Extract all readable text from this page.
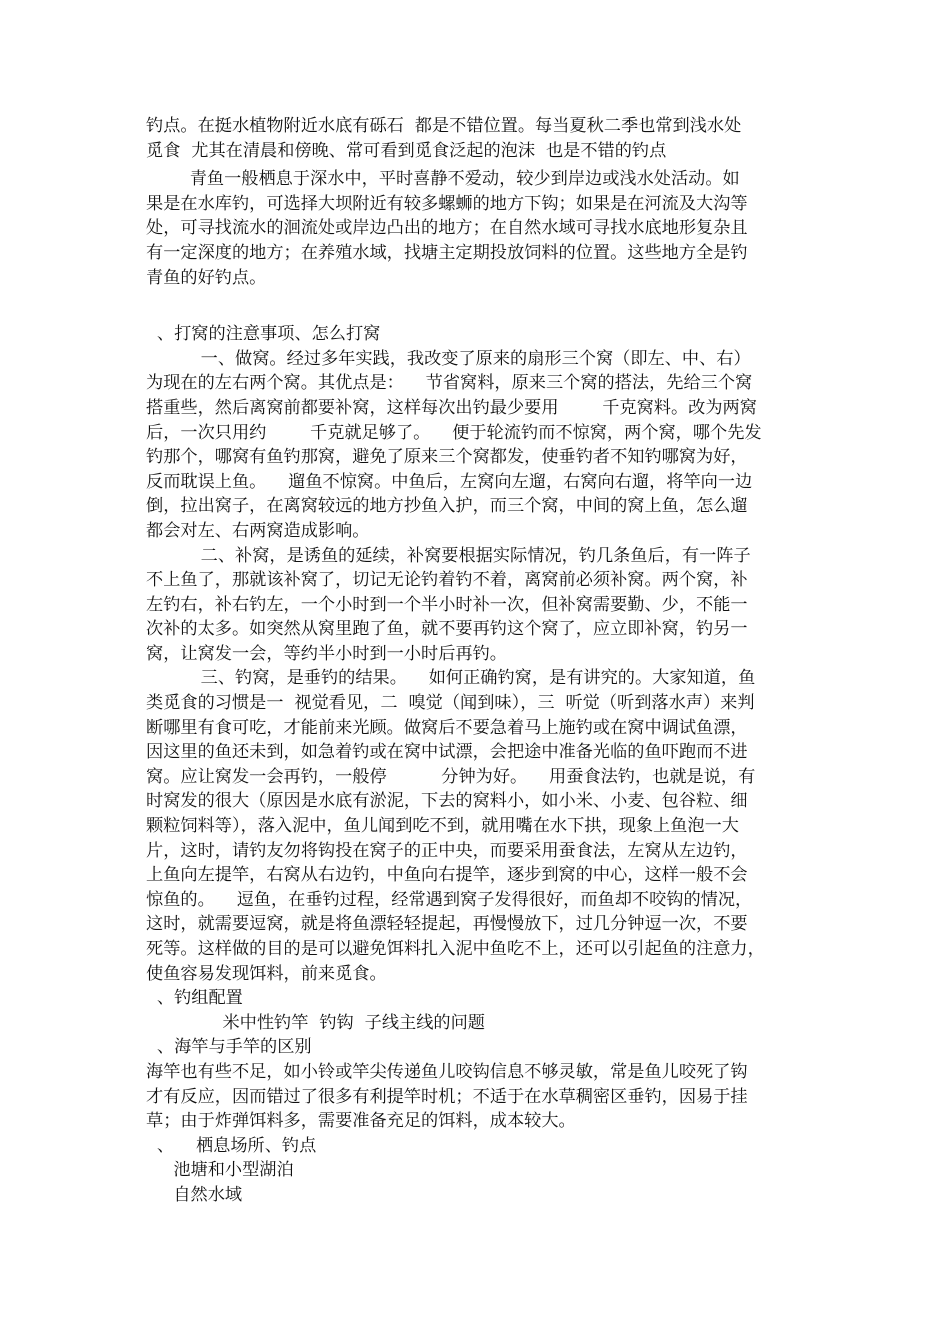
钓点。在挺水植物附近水底有砾石  都是不错位置。每当夏秋二季也常到浅水处
觅食  尤其在清晨和傍晚、常可看到觅食泛起的泡沫  也是不错的钓点
青鱼一般栖息于深水中，平时喜静不爱动，较少到岸边或浅水处活动。如
果是在水库钓，可选择大坝附近有较多螺蛳的地方下钩；如果是在河流及大沟等
处，可寻找流水的洄流处或岸边凸出的地方；在自然水域可寻找水底地形复杂且
有一定深度的地方；在养殖水域，找塘主定期投放饲料的位置。这些地方全是钓
青鱼的好钓点。
、打窝的注意事项、怎么打窝
一、做窝。经过多年实践，我改变了原来的扇形三个窝（即左、中、右）
为现在的左右两个窝。其优点是：    节省窝料，原来三个窝的搭法，先给三个窝
搭重些，然后离窝前都要补窝，这样每次出钓最少要用        千克窝料。改为两窝
后，一次只用约        千克就足够了。    便于轮流钓而不惊窝，两个窝，哪个先发
钓那个，哪窝有鱼钓那窝，避免了原来三个窝都发，使垂钓者不知钓哪窝为好，
反而耽误上鱼。    遛鱼不惊窝。中鱼后，左窝向左遛，右窝向右遛，将竿向一边
倒，拉出窝子，在离窝较远的地方抄鱼入护，而三个窝，中间的窝上鱼，怎么遛
都会对左、右两窝造成影响。
二、补窝，是诱鱼的延续，补窝要根据实际情况，钓几条鱼后，有一阵子
不上鱼了，那就该补窝了，切记无论钓着钓不着，离窝前必须补窝。两个窝，补
左钓右，补右钓左，一个小时到一个半小时补一次，但补窝需要勤、少，不能一
次补的太多。如突然从窝里跑了鱼，就不要再钓这个窝了，应立即补窝，钓另一
窝，让窝发一会，等约半小时到一小时后再钓。
三、钓窝，是垂钓的结果。    如何正确钓窝，是有讲究的。大家知道，鱼
类觅食的习惯是一  视觉看见，二  嗅觉（闻到味），三  听觉（听到落水声）来判
断哪里有食可吃，才能前来光顾。做窝后不要急着马上施钓或在窝中调试鱼漂，
因这里的鱼还未到，如急着钓或在窝中试漂，会把途中准备光临的鱼吓跑而不进
窝。应让窝发一会再钓，一般停          分钟为好。    用蚕食法钓，也就是说，有
时窝发的很大（原因是水底有淤泥，下去的窝料小，如小米、小麦、包谷粒、细
颗粒饲料等），落入泥中，鱼儿闻到吃不到，就用嘴在水下拱，现象上鱼泡一大
片，这时，请钓友勿将钩投在窝子的正中央，而要采用蚕食法，左窝从左边钓，
上鱼向左提竿，右窝从右边钓，中鱼向右提竿，逐步到窝的中心，这样一般不会
惊鱼的。    逗鱼，在垂钓过程，经常遇到窝子发得很好，而鱼却不咬钩的情况，
这时，就需要逗窝，就是将鱼漂轻轻提起，再慢慢放下，过几分钟逗一次，不要
死等。这样做的目的是可以避免饵料扎入泥中鱼吃不上，还可以引起鱼的注意力，
使鱼容易发现饵料，前来觅食。
、钓组配置
米中性钓竿  钓钩  子线主线的问题
、海竿与手竿的区别
海竿也有些不足，如小铃或竿尖传递鱼儿咬钩信息不够灵敏，常是鱼儿咬死了钩
才有反应，因而错过了很多有利提竿时机；不适于在水草稠密区垂钓，因易于挂
草；由于炸弹饵料多，需要准备充足的饵料，成本较大。
、    栖息场所、钓点
池塘和小型湖泊
自然水域
